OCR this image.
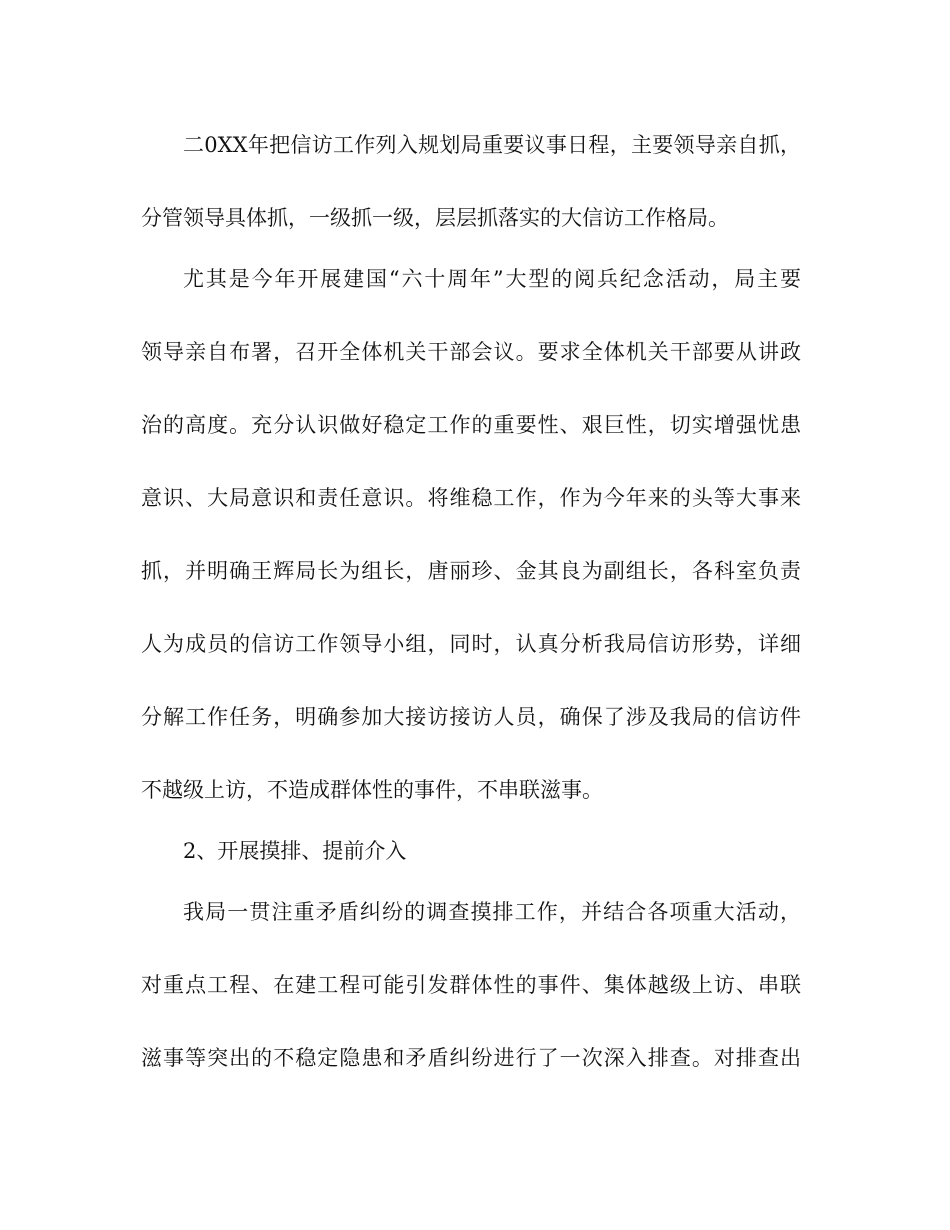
二0XX年把信访工作列入规划局重要议事日程，主要领导亲自抓，

分管领导具体抓，一级抓一级，层层抓落实的大信访工作格局。

尤其是今年开展建国“六十周年”大型的阅兵纪念活动，局主要

领导亲自布署，召开全体机关干部会议。要求全体机关干部要从讲政

治的高度。充分认识做好稳定工作的重要性、艰巨性，切实增强忧患

意识、大局意识和责任意识。将维稳工作，作为今年来的头等大事来

抓，并明确王辉局长为组长，唐丽珍、金其良为副组长，各科室负责

人为成员的信访工作领导小组，同时，认真分析我局信访形势，详细

分解工作任务，明确参加大接访接访人员，确保了涉及我局的信访件

不越级上访，不造成群体性的事件，不串联滋事。

2、开展摸排、提前介入

我局一贯注重矛盾纠纷的调查摸排工作，并结合各项重大活动，

对重点工程、在建工程可能引发群体性的事件、集体越级上访、串联

滋事等突出的不稳定隐患和矛盾纠纷进行了一次深入排查。对排查出
